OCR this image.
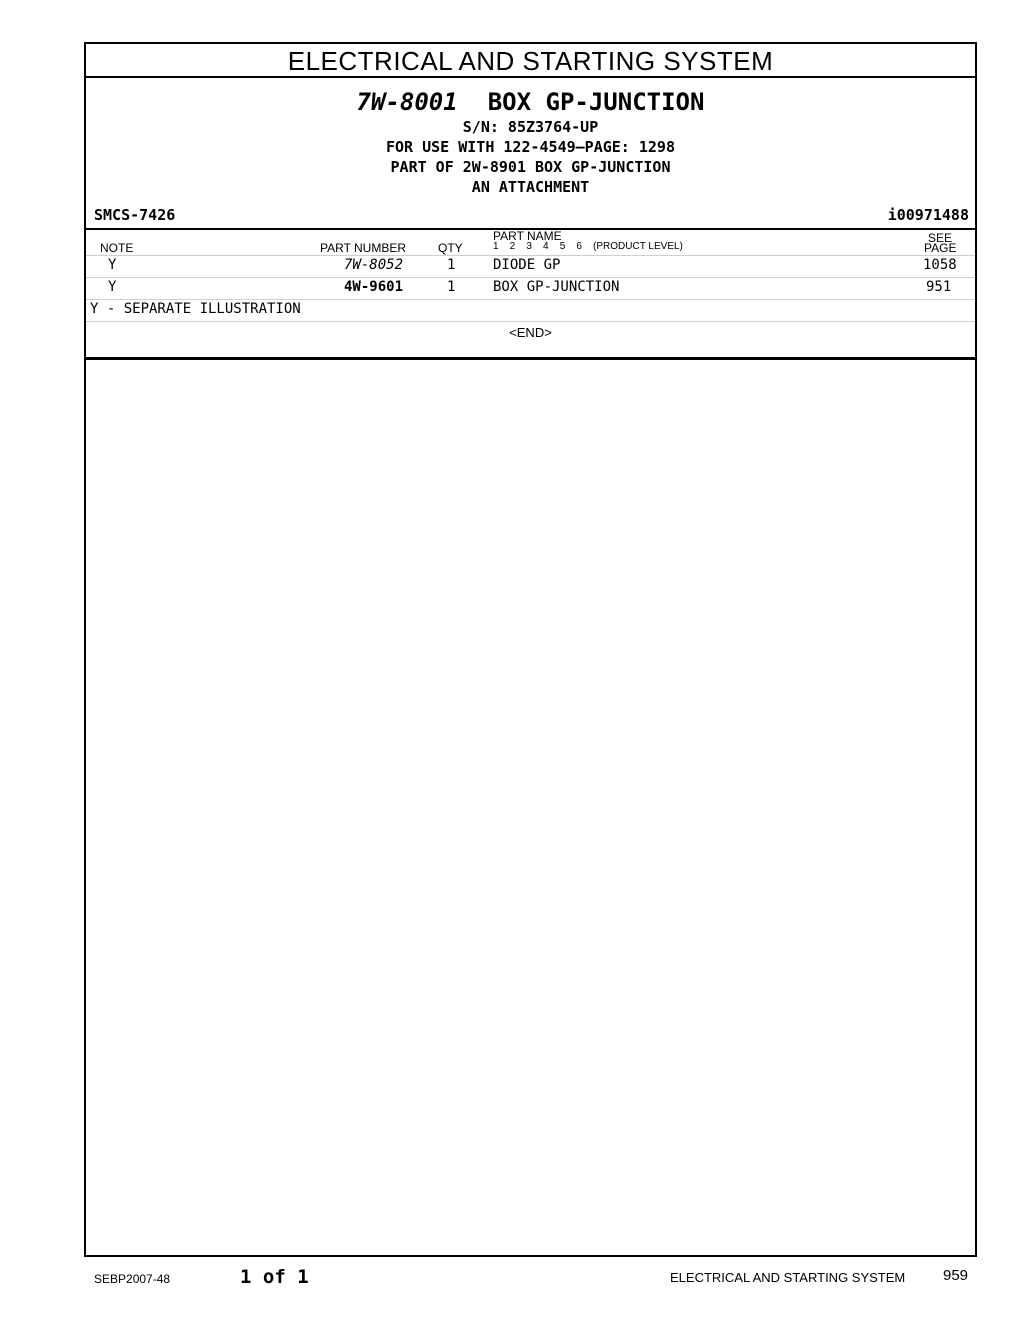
ELECTRICAL AND STARTING SYSTEM
7W-8001 BOX GP-JUNCTION
S/N: 85Z3764-UP
FOR USE WITH 122-4549—PAGE: 1298
PART OF 2W-8901 BOX GP-JUNCTION
AN ATTACHMENT
SMCS-7426	i00971488
NOTE	PART NUMBER	QTY
PART NAME
1    2    3    4    5    6    (PRODUCT LEVEL)
SEE
PAGE
Y	7W-8052	1	DIODE GP	1058
Y	4W-9601	1	BOX GP-JUNCTION	951
Y - SEPARATE ILLUSTRATION
<END>
SEBP2007-48	1 of 1	ELECTRICAL AND STARTING SYSTEM	959
